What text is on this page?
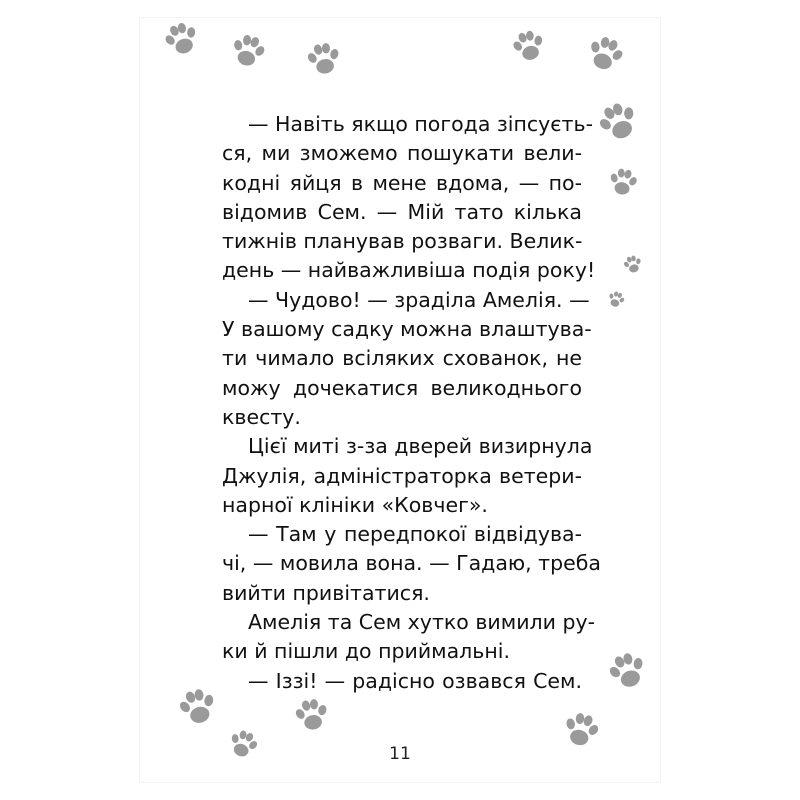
— Навіть якщо погода зіпсуєть-
ся, ми зможемо пошукати вели-
кодні яйця в мене вдома, — по-
відомив Сем. — Мій тато кілька
тижнів планував розваги. Велик-
день — найважливіша подія року!
— Чудово! — зраділа Амелія. —
У вашому садку можна влаштува-
ти чимало всіляких схованок, не
можу дочекатися великоднього
квесту.
Цієї миті з-за дверей визирнула
Джулія, адміністраторка ветери-
нарної клініки «Ковчег».
— Там у передпокої відвідува-
чі, — мовила вона. — Гадаю, треба
вийти привітатися.
Амелія та Сем хутко вимили ру-
ки й пішли до приймальні.
— Іззі! — радісно озвався Сем.
11
